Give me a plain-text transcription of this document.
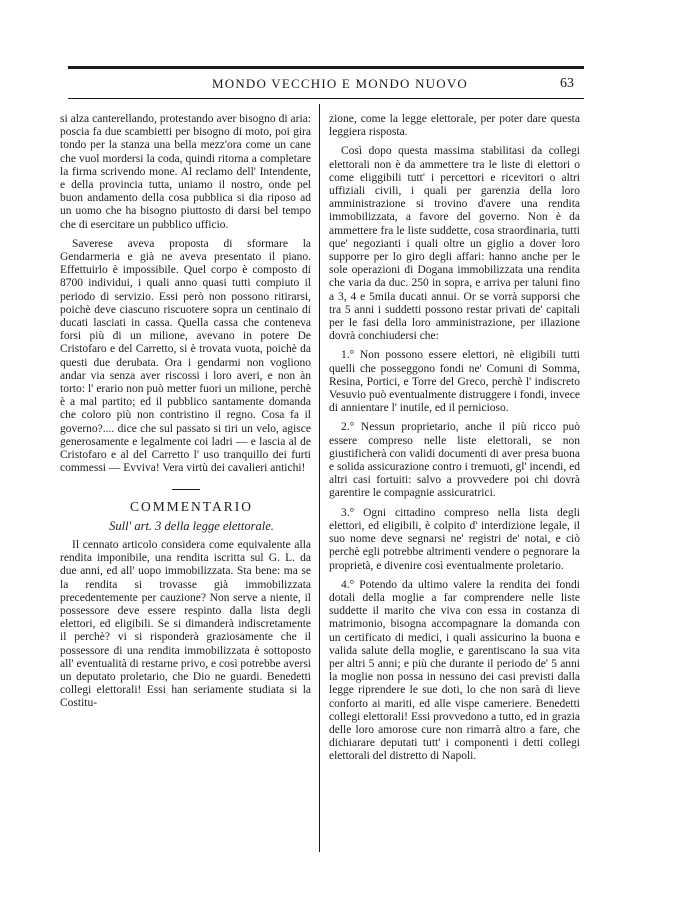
MONDO VECCHIO E MONDO NUOVO	63

si alza canterellando, protestando aver bisogno di aria: poscia fa due scambietti per bisogno di moto, poi gira tondo per la stanza una bella mezz'ora come un cane che vuol mordersi la coda, quindi ritorna a completare la firma scrivendo mone. Al reclamo dell' Intendente, e della provincia tutta, uniamo il nostro, onde pel buon andamento della cosa pubblica si dia riposo ad un uomo che ha bisogno piuttosto di darsi bel tempo che di esercitare un pubblico ufficio.

Saverese aveva proposta di sformare la Gendarmeria e già ne aveva presentato il piano. Effettuirlo è impossibile. Quel corpo è composto di 8700 individui, i quali anno quasi tutti compiuto il periodo di servizio. Essi però non possono ritirarsi, poichè deve ciascuno riscuotere sopra un centinaio di ducati lasciati in cassa. Quella cassa che conteneva forsi più di un milione, avevano in potere De Cristofaro e del Carretto, si è trovata vuota, poichè da questi due derubata. Ora i gendarmi non vogliono andar via senza aver riscossi i loro averi, e non àn torto: l' erario non può metter fuori un milione, perchè è a mal partito; ed il pubblico santamente domanda che coloro più non contristino il regno. Cosa fa il governo?.... dice che sul passato si tiri un velo, agisce generosamente e legalmente coi ladri — e lascia al de Cristofaro e al del Carretto l' uso tranquillo dei furti commessi — Evviva! Vera virtù dei cavalieri antichi!

COMMENTARIO

Sull' art. 3 della legge elettorale.

Il cennato articolo considera come equivalente alla rendita imponibile, una rendita iscritta sul G. L. da due anni, ed all' uopo immobilizzata. Sta bene: ma se la rendita si trovasse già immobilizzata precedentemente per cauzione? Non serve a niente, il possessore deve essere respinto dalla lista degli elettori, ed eligibili. Se si dimanderà indiscretamente il perchè? vi si risponderà graziosamente che il possessore di una rendita immobilizzata è sottoposto all' eventualità di restarne privo, e così potrebbe aversi un deputato proletario, che Dio ne guardi. Benedetti collegi elettorali! Essi han seriamente studiata si la Costitu-

zione, come la legge elettorale, per poter dare questa leggiera risposta.

Così dopo questa massima stabilitasi da collegi elettorali non è da ammettere tra le liste di elettori o come eliggibili tutt' i percettori e ricevitori o altri uffiziali civili, i quali per garenzia della loro amministrazione si trovino d'avere una rendita immobilizzata, a favore del governo. Non è da ammettere fra le liste suddette, cosa straordinaria, tutti que' negozianti i quali oltre un giglio a dover loro supporre per lo giro degli affari: hanno anche per le sole operazioni di Dogana immobilizzata una rendita che varia da duc. 250 in sopra, e arriva per taluni fino a 3, 4 e 5mila ducati annui. Or se vorrà supporsi che tra 5 anni i suddetti possono restar privati de' capitali per le fasi della loro amministrazione, per illazione dovrà conchiudersi che:

1.° Non possono essere elettori, nè eligibili tutti quelli che posseggono fondi ne' Comuni di Somma, Resina, Portici, e Torre del Greco, perchè l' indiscreto Vesuvio può eventualmente distruggere i fondi, invece di annientare l' inutile, ed il pernicioso.

2.° Nessun proprietario, anche il più ricco può essere compreso nelle liste elettorali, se non giustificherà con validi documenti di aver presa buona e solida assicurazione contro i tremuoti, gl' incendi, ed altri casi fortuiti: salvo a provvedere poi chi dovrà garentire le compagnie assicuratrici.

3.° Ogni cittadino compreso nella lista degli elettori, ed eligibili, è colpito d' interdizione legale, il suo nome deve segnarsi ne' registri de' notai, e ciò perchè egli potrebbe altrimenti vendere o pegnorare la proprietà, e divenire così eventualmente proletario.

4.° Potendo da ultimo valere la rendita dei fondi dotali della moglie a far comprendere nelle liste suddette il marito che viva con essa in costanza di matrimonio, bisogna accompagnare la domanda con un certificato di medici, i quali assicurino la buona e valida salute della moglie, e garentiscano la sua vita per altri 5 anni; e più che durante il periodo de' 5 anni la moglie non possa in nessuno dei casi previsti dalla legge riprendere le sue doti, lo che non sarà di lieve conforto ai mariti, ed alle vispe cameriere. Benedetti collegi elettorali! Essi provvedono a tutto, ed in grazia delle loro amorose cure non rimarrà altro a fare, che dichiarare deputati tutt' i componenti i detti collegi elettorali del distretto di Napoli.
